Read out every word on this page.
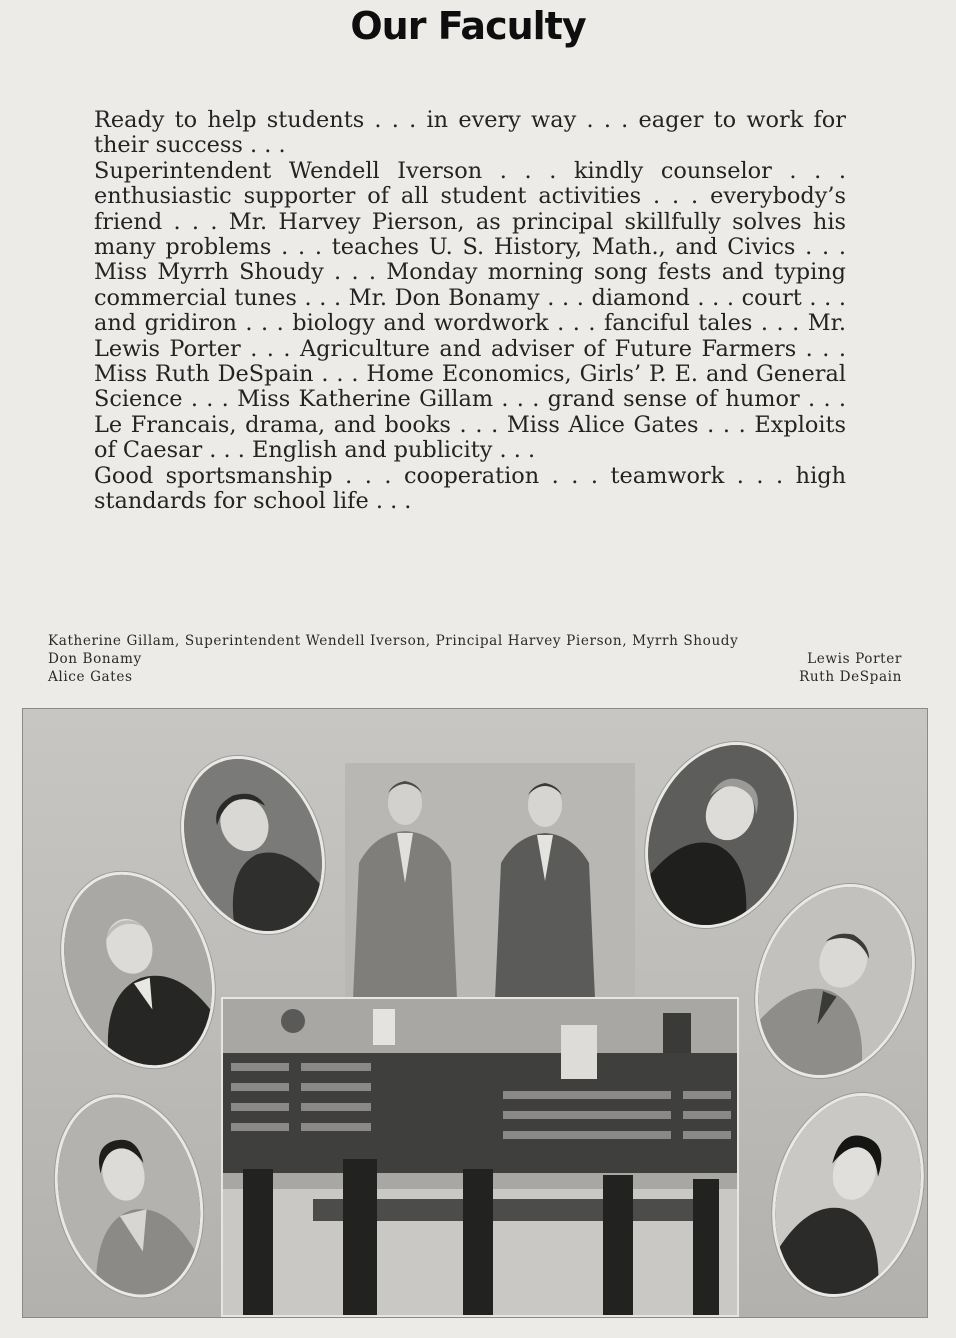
Our Faculty

Ready to help students . . . in every way . . . eager to work for their success . . .

Superintendent Wendell Iverson . . . kindly counselor . . . enthusiastic supporter of all student activities . . . everybody’s friend . . . Mr. Harvey Pierson, as principal skillfully solves his many problems . . . teaches U. S. History, Math., and Civics . . . Miss Myrrh Shoudy . . . Monday morning song fests and typing commercial tunes . . . Mr. Don Bonamy . . . diamond . . . court . . . and gridiron . . . biology and wordwork . . . fanciful tales . . . Mr. Lewis Porter . . . Agriculture and adviser of Future Farmers . . . Miss Ruth DeSpain . . . Home Economics, Girls’ P. E. and General Science . . . Miss Katherine Gillam . . . grand sense of humor . . . Le Francais, drama, and books . . . Miss Alice Gates . . . Exploits of Caesar . . . English and publicity . . .

Good sportsmanship . . . cooperation . . . teamwork . . . high standards for school life . . .

Katherine Gillam, Superintendent Wendell Iverson, Principal Harvey Pierson, Myrrh Shoudy
Don Bonamy
Alice Gates
Lewis Porter
Ruth DeSpain
